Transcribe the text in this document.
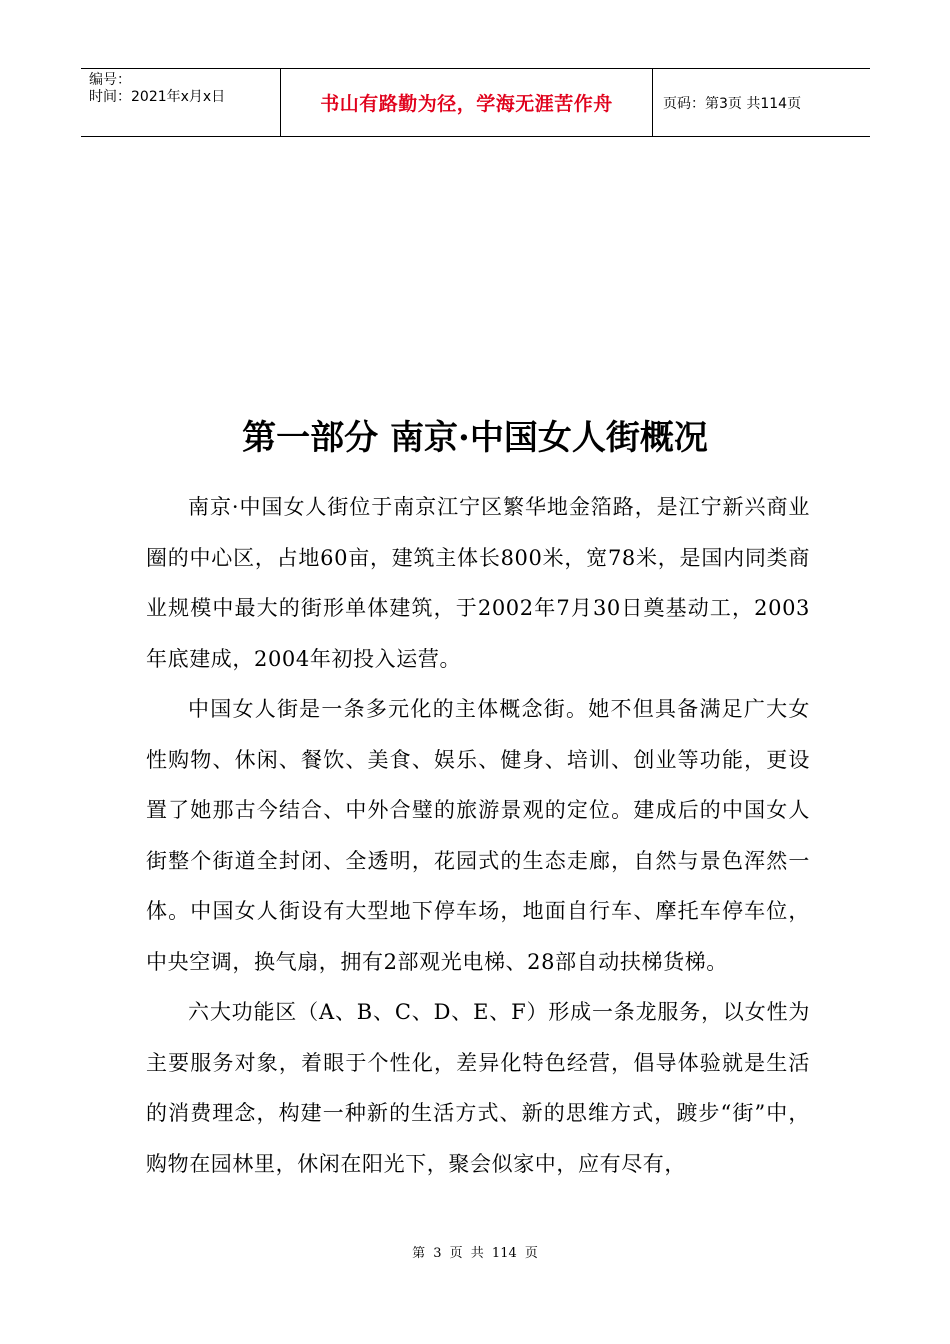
编号：
时间：2021年x月x日	书山有路勤为径，学海无涯苦作舟	页码：第3页 共114页
第一部分 南京·中国女人街概况

南京·中国女人街位于南京江宁区繁华地金箔路，是江宁新兴商业圈的中心区，占地60亩，建筑主体长800米，宽78米，是国内同类商业规模中最大的街形单体建筑，于2002年7月30日奠基动工，2003年底建成，2004年初投入运营。

中国女人街是一条多元化的主体概念街。她不但具备满足广大女性购物、休闲、餐饮、美食、娱乐、健身、培训、创业等功能，更设置了她那古今结合、中外合璧的旅游景观的定位。建成后的中国女人街整个街道全封闭、全透明，花园式的生态走廊，自然与景色浑然一体。中国女人街设有大型地下停车场，地面自行车、摩托车停车位，中央空调，换气扇，拥有2部观光电梯、28部自动扶梯货梯。

六大功能区（A、B、C、D、E、F）形成一条龙服务，以女性为主要服务对象，着眼于个性化，差异化特色经营，倡导体验就是生活的消费理念，构建一种新的生活方式、新的思维方式，踱步“街”中，购物在园林里，休闲在阳光下，聚会似家中，应有尽有，

第 3 页 共 114 页
